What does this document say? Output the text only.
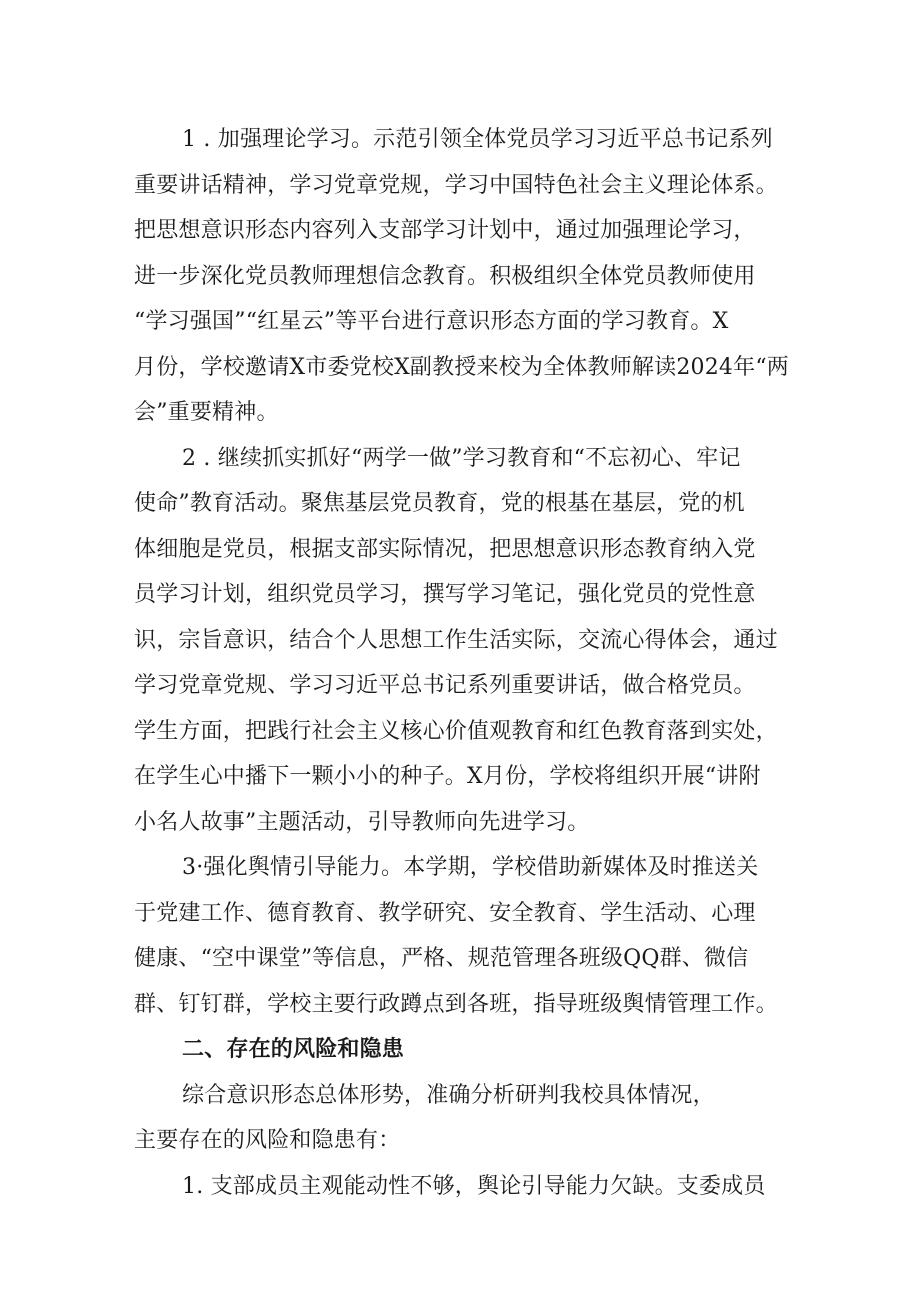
1 . 加强理论学习。示范引领全体党员学习习近平总书记系列
重要讲话精神，学习党章党规，学习中国特色社会主义理论体系。
把思想意识形态内容列入支部学习计划中，通过加强理论学习，
进一步深化党员教师理想信念教育。积极组织全体党员教师使用
“学习强国”“红星云”等平台进行意识形态方面的学习教育。X
月份，学校邀请X市委党校X副教授来校为全体教师解读2024年“两
会”重要精神。
2 . 继续抓实抓好“两学一做”学习教育和“不忘初心、牢记
使命”教育活动。聚焦基层党员教育，党的根基在基层，党的机
体细胞是党员，根据支部实际情况，把思想意识形态教育纳入党
员学习计划，组织党员学习，撰写学习笔记，强化党员的党性意
识，宗旨意识，结合个人思想工作生活实际，交流心得体会，通过
学习党章党规、学习习近平总书记系列重要讲话，做合格党员。
学生方面，把践行社会主义核心价值观教育和红色教育落到实处，
在学生心中播下一颗小小的种子。X月份，学校将组织开展“讲附
小名人故事”主题活动，引导教师向先进学习。
3·强化舆情引导能力。本学期，学校借助新媒体及时推送关
于党建工作、德育教育、教学研究、安全教育、学生活动、心理
健康、“空中课堂”等信息，严格、规范管理各班级QQ群、微信
群、钉钉群，学校主要行政蹲点到各班，指导班级舆情管理工作。
二、存在的风险和隐患
综合意识形态总体形势，准确分析研判我校具体情况，
主要存在的风险和隐患有：
1. 支部成员主观能动性不够，舆论引导能力欠缺。支委成员
